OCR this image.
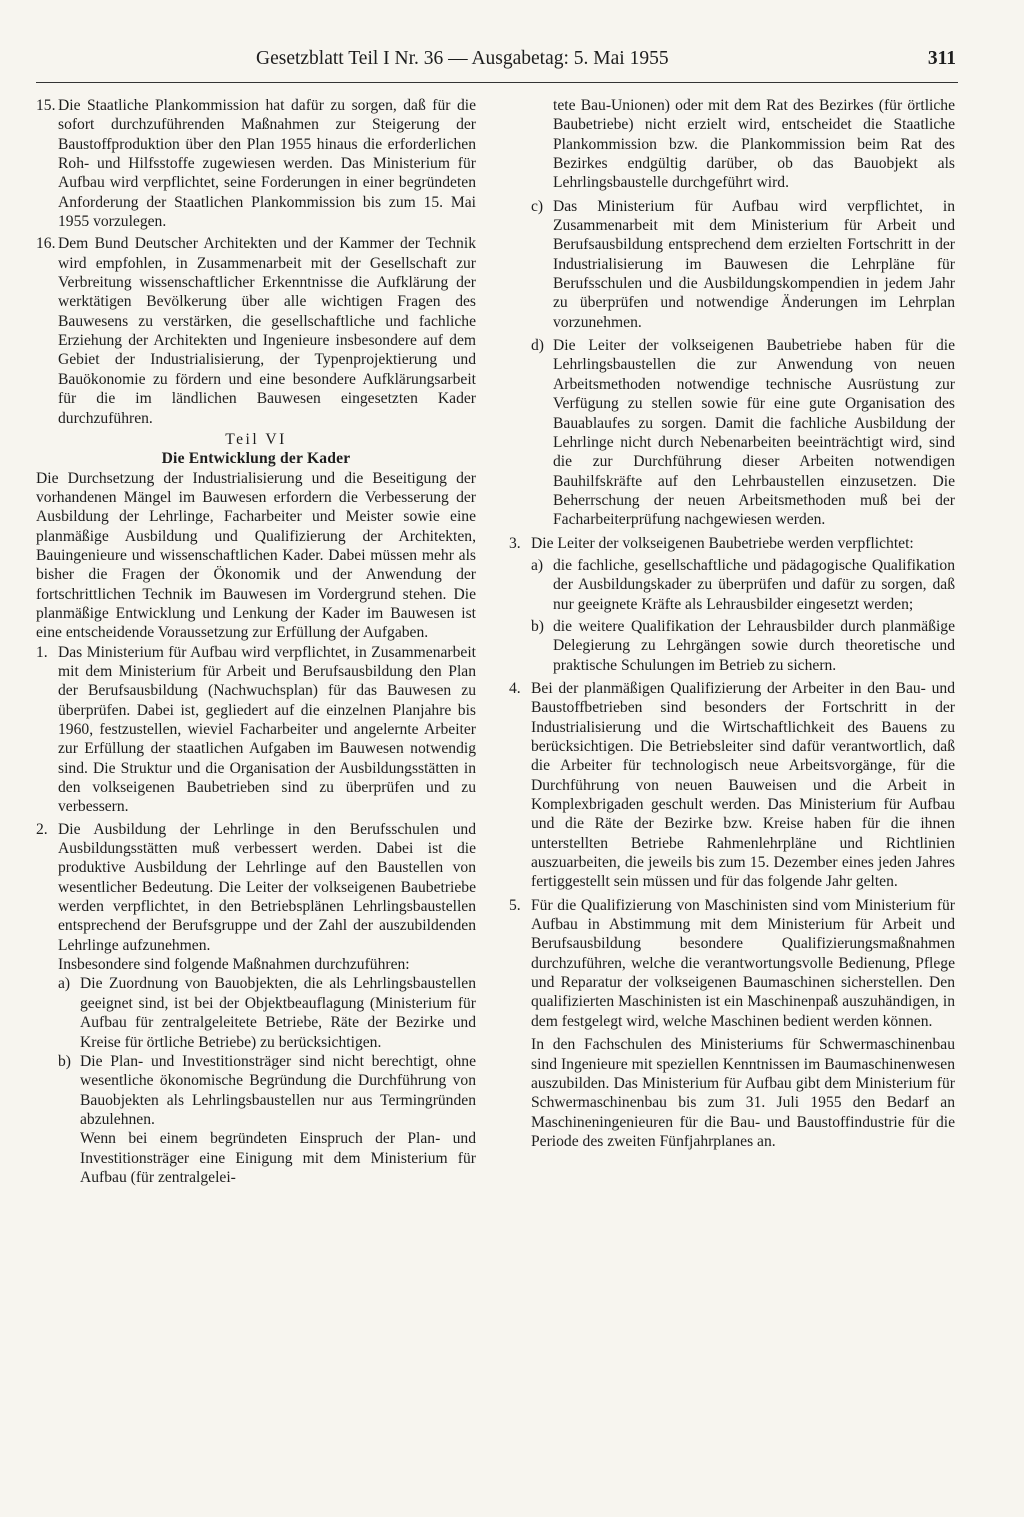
Gesetzblatt Teil I Nr. 36 — Ausgabetag: 5. Mai 1955	311
15. Die Staatliche Plankommission hat dafür zu sorgen, daß für die sofort durchzuführenden Maßnahmen zur Steigerung der Baustoffproduktion über den Plan 1955 hinaus die erforderlichen Roh- und Hilfsstoffe zugewiesen werden. Das Ministerium für Aufbau wird verpflichtet, seine Forderungen in einer begründeten Anforderung der Staatlichen Plankommission bis zum 15. Mai 1955 vorzulegen.

16. Dem Bund Deutscher Architekten und der Kammer der Technik wird empfohlen, in Zusammenarbeit mit der Gesellschaft zur Verbreitung wissenschaftlicher Erkenntnisse die Aufklärung der werktätigen Bevölkerung über alle wichtigen Fragen des Bauwesens zu verstärken, die gesellschaftliche und fachliche Erziehung der Architekten und Ingenieure insbesondere auf dem Gebiet der Industrialisierung, der Typenprojektierung und Bauökonomie zu fördern und eine besondere Aufklärungsarbeit für die im ländlichen Bauwesen eingesetzten Kader durchzuführen.

Teil VI
Die Entwicklung der Kader

Die Durchsetzung der Industrialisierung und die Beseitigung der vorhandenen Mängel im Bauwesen erfordern die Verbesserung der Ausbildung der Lehrlinge, Facharbeiter und Meister sowie eine planmäßige Ausbildung und Qualifizierung der Architekten, Bauingenieure und wissenschaftlichen Kader. Dabei müssen mehr als bisher die Fragen der Ökonomik und der Anwendung der fortschrittlichen Technik im Bauwesen im Vordergrund stehen. Die planmäßige Entwicklung und Lenkung der Kader im Bauwesen ist eine entscheidende Voraussetzung zur Erfüllung der Aufgaben.

1. Das Ministerium für Aufbau wird verpflichtet, in Zusammenarbeit mit dem Ministerium für Arbeit und Berufsausbildung den Plan der Berufsausbildung (Nachwuchsplan) für das Bauwesen zu überprüfen. Dabei ist, gegliedert auf die einzelnen Planjahre bis 1960, festzustellen, wieviel Facharbeiter und angelernte Arbeiter zur Erfüllung der staatlichen Aufgaben im Bauwesen notwendig sind. Die Struktur und die Organisation der Ausbildungsstätten in den volkseigenen Baubetrieben sind zu überprüfen und zu verbessern.

2. Die Ausbildung der Lehrlinge in den Berufsschulen und Ausbildungsstätten muß verbessert werden. Dabei ist die produktive Ausbildung der Lehrlinge auf den Baustellen von wesentlicher Bedeutung. Die Leiter der volkseigenen Baubetriebe werden verpflichtet, in den Betriebsplänen Lehrlingsbaustellen entsprechend der Berufsgruppe und der Zahl der auszubildenden Lehrlinge aufzunehmen.

Insbesondere sind folgende Maßnahmen durchzuführen:

a) Die Zuordnung von Bauobjekten, die als Lehrlingsbaustellen geeignet sind, ist bei der Objektbeauflagung (Ministerium für Aufbau für zentralgeleitete Betriebe, Räte der Bezirke und Kreise für örtliche Betriebe) zu berücksichtigen.

b) Die Plan- und Investitionsträger sind nicht berechtigt, ohne wesentliche ökonomische Begründung die Durchführung von Bauobjekten als Lehrlingsbaustellen nur aus Termingründen abzulehnen.

Wenn bei einem begründeten Einspruch der Plan- und Investitionsträger eine Einigung mit dem Ministerium für Aufbau (für zentralgelei-

tete Bau-Unionen) oder mit dem Rat des Bezirkes (für örtliche Baubetriebe) nicht erzielt wird, entscheidet die Staatliche Plankommission bzw. die Plankommission beim Rat des Bezirkes endgültig darüber, ob das Bauobjekt als Lehrlingsbaustelle durchgeführt wird.

c) Das Ministerium für Aufbau wird verpflichtet, in Zusammenarbeit mit dem Ministerium für Arbeit und Berufsausbildung entsprechend dem erzielten Fortschritt in der Industrialisierung im Bauwesen die Lehrpläne für Berufsschulen und die Ausbildungskompendien in jedem Jahr zu überprüfen und notwendige Änderungen im Lehrplan vorzunehmen.

d) Die Leiter der volkseigenen Baubetriebe haben für die Lehrlingsbaustellen die zur Anwendung von neuen Arbeitsmethoden notwendige technische Ausrüstung zur Verfügung zu stellen sowie für eine gute Organisation des Bauablaufes zu sorgen. Damit die fachliche Ausbildung der Lehrlinge nicht durch Nebenarbeiten beeinträchtigt wird, sind die zur Durchführung dieser Arbeiten notwendigen Bauhilfskräfte auf den Lehrbaustellen einzusetzen. Die Beherrschung der neuen Arbeitsmethoden muß bei der Facharbeiterprüfung nachgewiesen werden.

3. Die Leiter der volkseigenen Baubetriebe werden verpflichtet:

a) die fachliche, gesellschaftliche und pädagogische Qualifikation der Ausbildungskader zu überprüfen und dafür zu sorgen, daß nur geeignete Kräfte als Lehrausbilder eingesetzt werden;

b) die weitere Qualifikation der Lehrausbilder durch planmäßige Delegierung zu Lehrgängen sowie durch theoretische und praktische Schulungen im Betrieb zu sichern.

4. Bei der planmäßigen Qualifizierung der Arbeiter in den Bau- und Baustoffbetrieben sind besonders der Fortschritt in der Industrialisierung und die Wirtschaftlichkeit des Bauens zu berücksichtigen. Die Betriebsleiter sind dafür verantwortlich, daß die Arbeiter für technologisch neue Arbeitsvorgänge, für die Durchführung von neuen Bauweisen und die Arbeit in Komplexbrigaden geschult werden. Das Ministerium für Aufbau und die Räte der Bezirke bzw. Kreise haben für die ihnen unterstellten Betriebe Rahmenlehrpläne und Richtlinien auszuarbeiten, die jeweils bis zum 15. Dezember eines jeden Jahres fertiggestellt sein müssen und für das folgende Jahr gelten.

5. Für die Qualifizierung von Maschinisten sind vom Ministerium für Aufbau in Abstimmung mit dem Ministerium für Arbeit und Berufsausbildung besondere Qualifizierungsmaßnahmen durchzuführen, welche die verantwortungsvolle Bedienung, Pflege und Reparatur der volkseigenen Baumaschinen sicherstellen. Den qualifizierten Maschinisten ist ein Maschinenpaß auszuhändigen, in dem festgelegt wird, welche Maschinen bedient werden können.

In den Fachschulen des Ministeriums für Schwermaschinenbau sind Ingenieure mit speziellen Kenntnissen im Baumaschinenwesen auszubilden. Das Ministerium für Aufbau gibt dem Ministerium für Schwermaschinenbau bis zum 31. Juli 1955 den Bedarf an Maschineningenieuren für die Bau- und Baustoffindustrie für die Periode des zweiten Fünfjahrplanes an.
